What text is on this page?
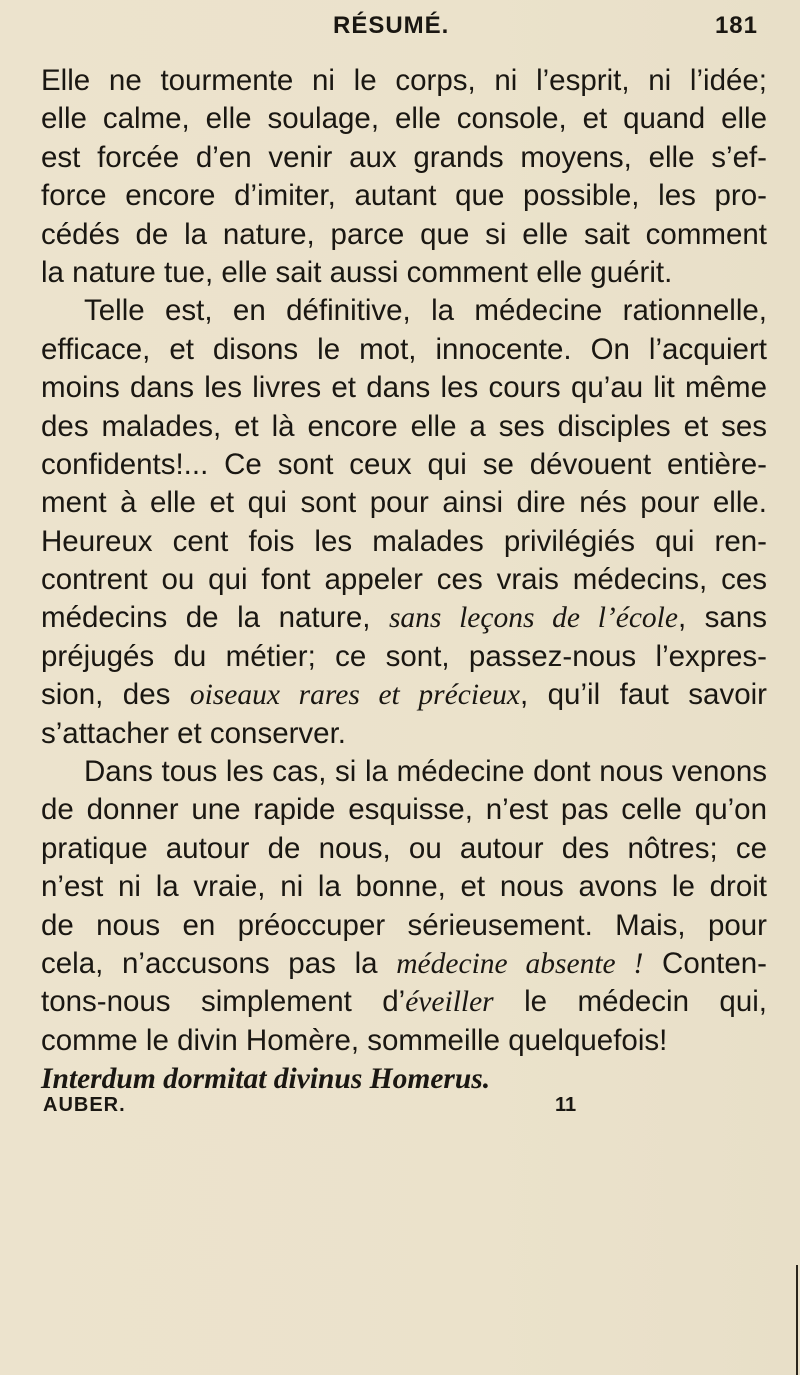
RÉSUMÉ.	181
Elle ne tourmente ni le corps, ni l’esprit, ni l’idée;
elle calme, elle soulage, elle console, et quand elle
est forcée d’en venir aux grands moyens, elle s’ef-
force encore d’imiter, autant que possible, les pro-
cédés de la nature, parce que si elle sait comment
la nature tue, elle sait aussi comment elle guérit.
Telle est, en définitive, la médecine rationnelle,
efficace, et disons le mot, innocente. On l’acquiert
moins dans les livres et dans les cours qu’au lit même
des malades, et là encore elle a ses disciples et ses
confidents!... Ce sont ceux qui se dévouent entière-
ment à elle et qui sont pour ainsi dire nés pour elle.
Heureux cent fois les malades privilégiés qui ren-
contrent ou qui font appeler ces vrais médecins, ces
médecins de la nature, sans leçons de l’école, sans
préjugés du métier; ce sont, passez-nous l’expres-
sion, des oiseaux rares et précieux, qu’il faut savoir
s’attacher et conserver.
Dans tous les cas, si la médecine dont nous venons
de donner une rapide esquisse, n’est pas celle qu’on
pratique autour de nous, ou autour des nôtres; ce
n’est ni la vraie, ni la bonne, et nous avons le droit
de nous en préoccuper sérieusement. Mais, pour
cela, n’accusons pas la médecine absente ! Conten-
tons-nous simplement d’éveiller le médecin qui,
comme le divin Homère, sommeille quelquefois!
Interdum dormitat divinus Homerus.
AUBER.	11
